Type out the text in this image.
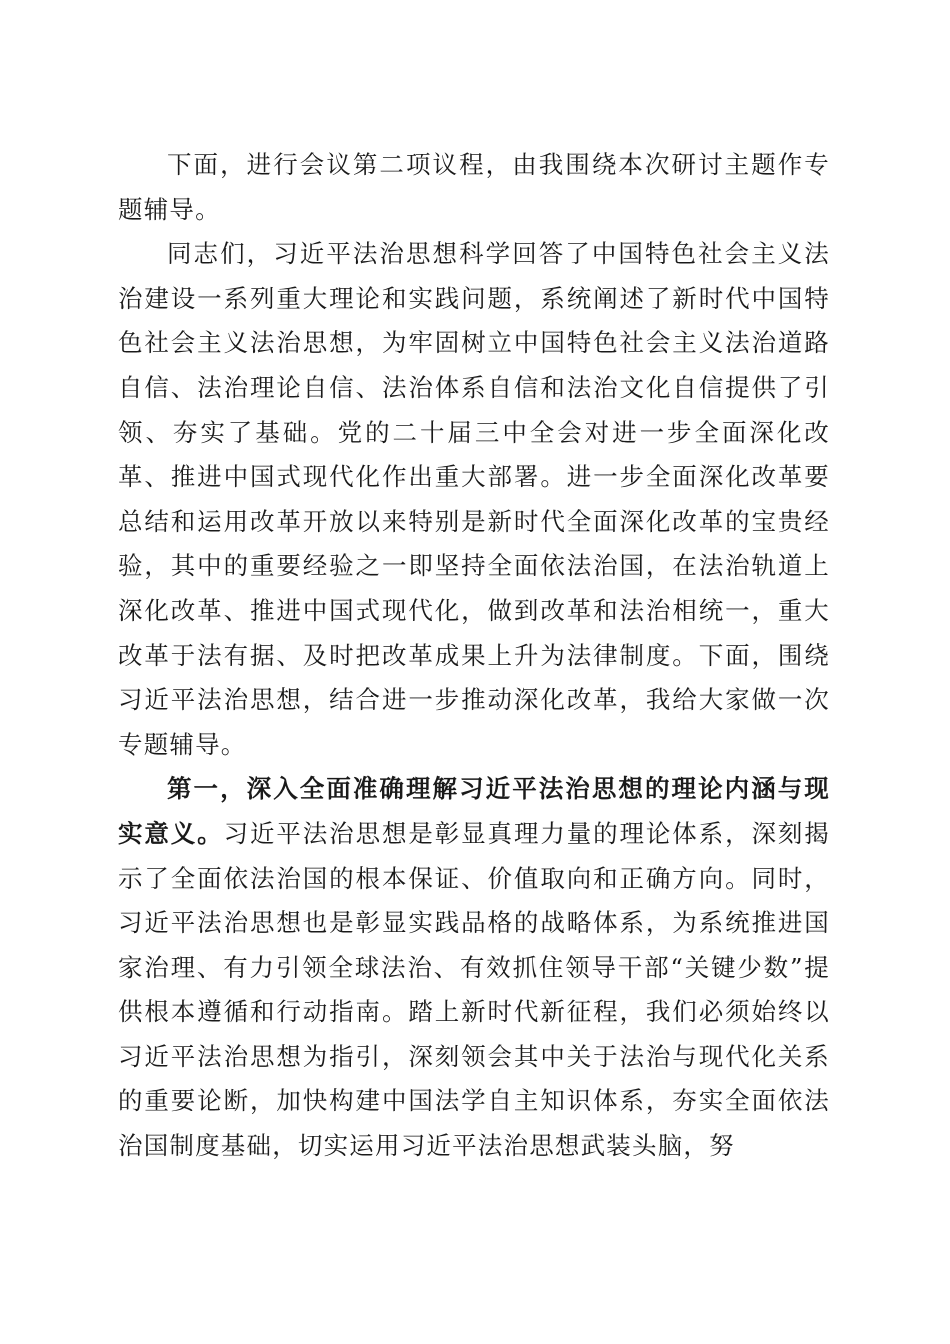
下面，进行会议第二项议程，由我围绕本次研讨主题作专题辅导。

同志们，习近平法治思想科学回答了中国特色社会主义法治建设一系列重大理论和实践问题，系统阐述了新时代中国特色社会主义法治思想，为牢固树立中国特色社会主义法治道路自信、法治理论自信、法治体系自信和法治文化自信提供了引领、夯实了基础。党的二十届三中全会对进一步全面深化改革、推进中国式现代化作出重大部署。进一步全面深化改革要总结和运用改革开放以来特别是新时代全面深化改革的宝贵经验，其中的重要经验之一即坚持全面依法治国，在法治轨道上深化改革、推进中国式现代化，做到改革和法治相统一，重大改革于法有据、及时把改革成果上升为法律制度。下面，围绕习近平法治思想，结合进一步推动深化改革，我给大家做一次专题辅导。

第一，深入全面准确理解习近平法治思想的理论内涵与现实意义。习近平法治思想是彰显真理力量的理论体系，深刻揭示了全面依法治国的根本保证、价值取向和正确方向。同时，习近平法治思想也是彰显实践品格的战略体系，为系统推进国家治理、有力引领全球法治、有效抓住领导干部“关键少数”提供根本遵循和行动指南。踏上新时代新征程，我们必须始终以习近平法治思想为指引，深刻领会其中关于法治与现代化关系的重要论断，加快构建中国法学自主知识体系，夯实全面依法治国制度基础，切实运用习近平法治思想武装头脑，努
